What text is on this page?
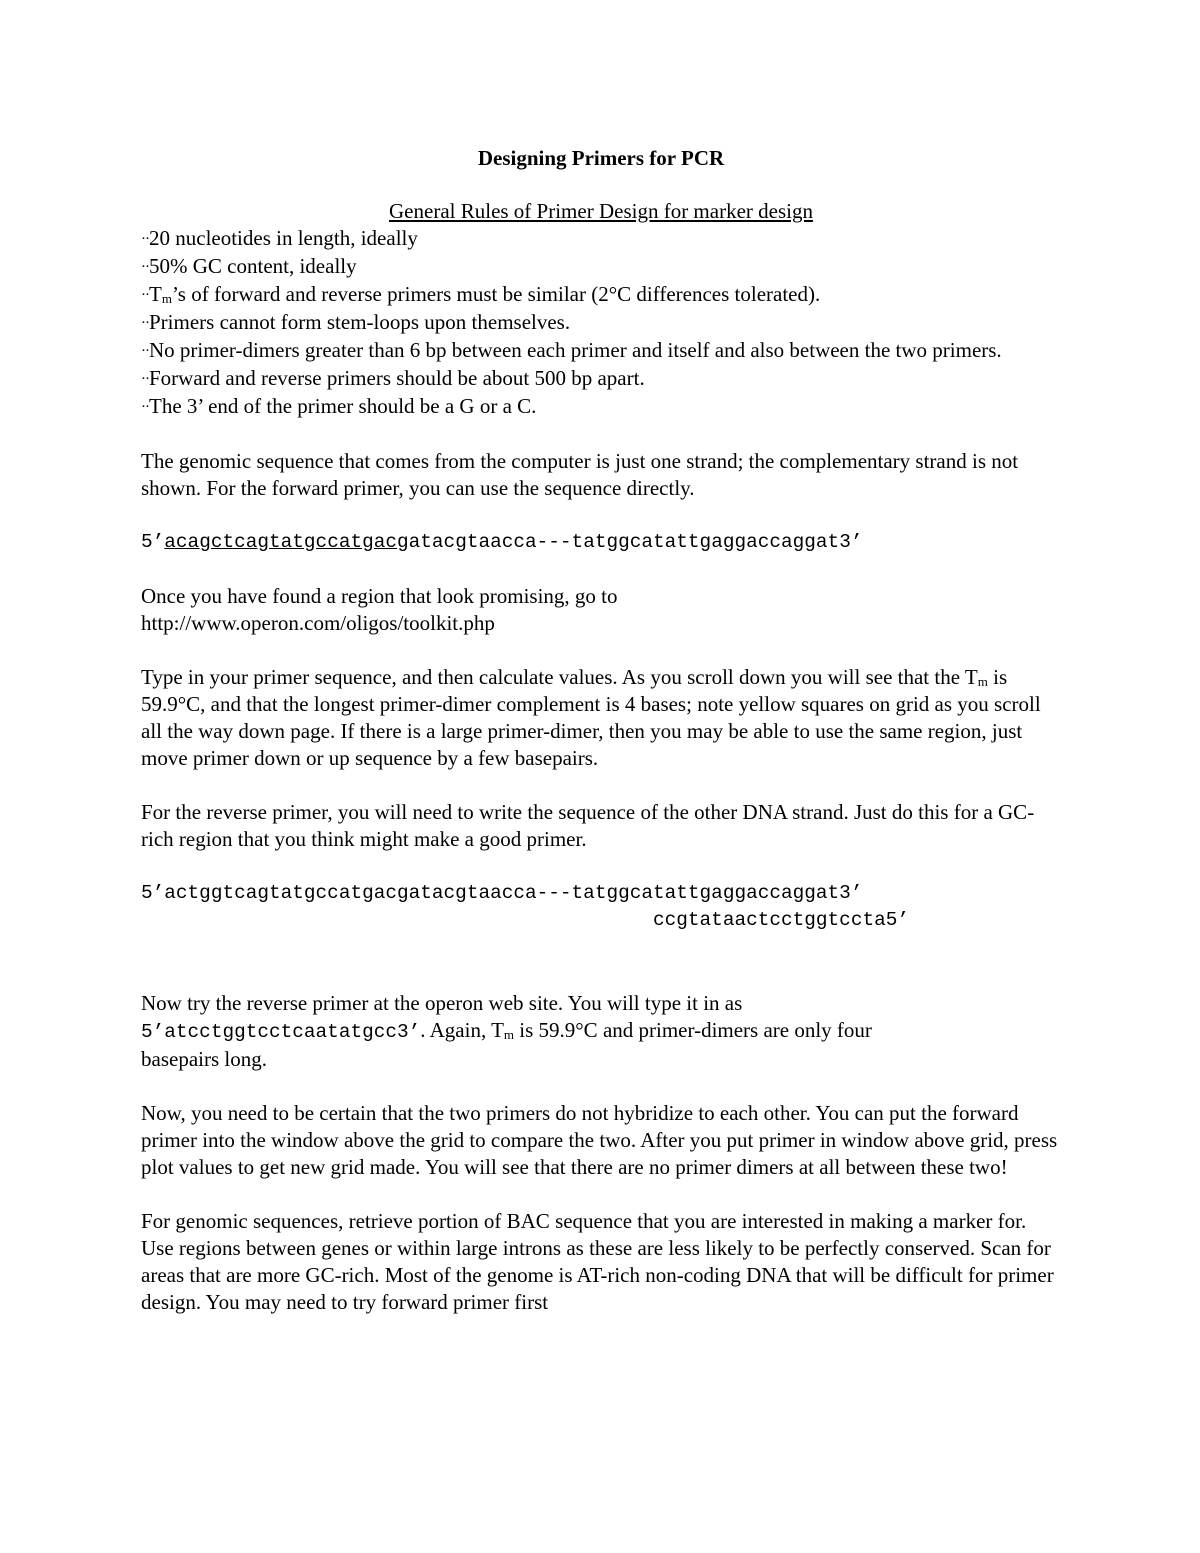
Designing Primers for PCR
General Rules of Primer Design for marker design
··20 nucleotides in length, ideally
··50% GC content, ideally
$\cdot\cdot T_m’s$ of forward and reverse primers must be similar (2°C differences tolerated).
··Primers cannot form stem-loops upon themselves.
··No primer-dimers greater than 6 bp between each primer and itself and also between the two primers.
··Forward and reverse primers should be about 500 bp apart.
··The 3’ end of the primer should be a G or a C.

The genomic sequence that comes from the computer is just one strand; the complementary strand is not shown. For the forward primer, you can use the sequence directly.

5’acagctcagtatgccatgacgatacgtaacca---tatggcatattgaggaccaggat3’

Once you have found a region that look promising, go to
http://www.operon.com/oligos/toolkit.php

Type in your primer sequence, and then calculate values. As you scroll down you will see that the $T_m$ is 59.9°C, and that the longest primer-dimer complement is 4 bases; note yellow squares on grid as you scroll all the way down page. If there is a large primer-dimer, then you may be able to use the same region, just move primer down or up sequence by a few basepairs.

For the reverse primer, you will need to write the sequence of the other DNA strand. Just do this for a GC-rich region that you think might make a good primer.

5’actggtcagtatgccatgacgatacgtaacca---tatggcatattgaggaccaggat3’
ccgtataactcctggtccta5’

Now try the reverse primer at the operon web site. You will type it in as
5’atcctggtcctcaatatgcc3’. Again, $T_m$ is 59.9°C and primer-dimers are only four
basepairs long.

Now, you need to be certain that the two primers do not hybridize to each other. You can put the forward primer into the window above the grid to compare the two. After you put primer in window above grid, press plot values to get new grid made. You will see that there are no primer dimers at all between these two!

For genomic sequences, retrieve portion of BAC sequence that you are interested in making a marker for. Use regions between genes or within large introns as these are less likely to be perfectly conserved. Scan for areas that are more GC-rich. Most of the genome is AT-rich non-coding DNA that will be difficult for primer design. You may need to try forward primer first
